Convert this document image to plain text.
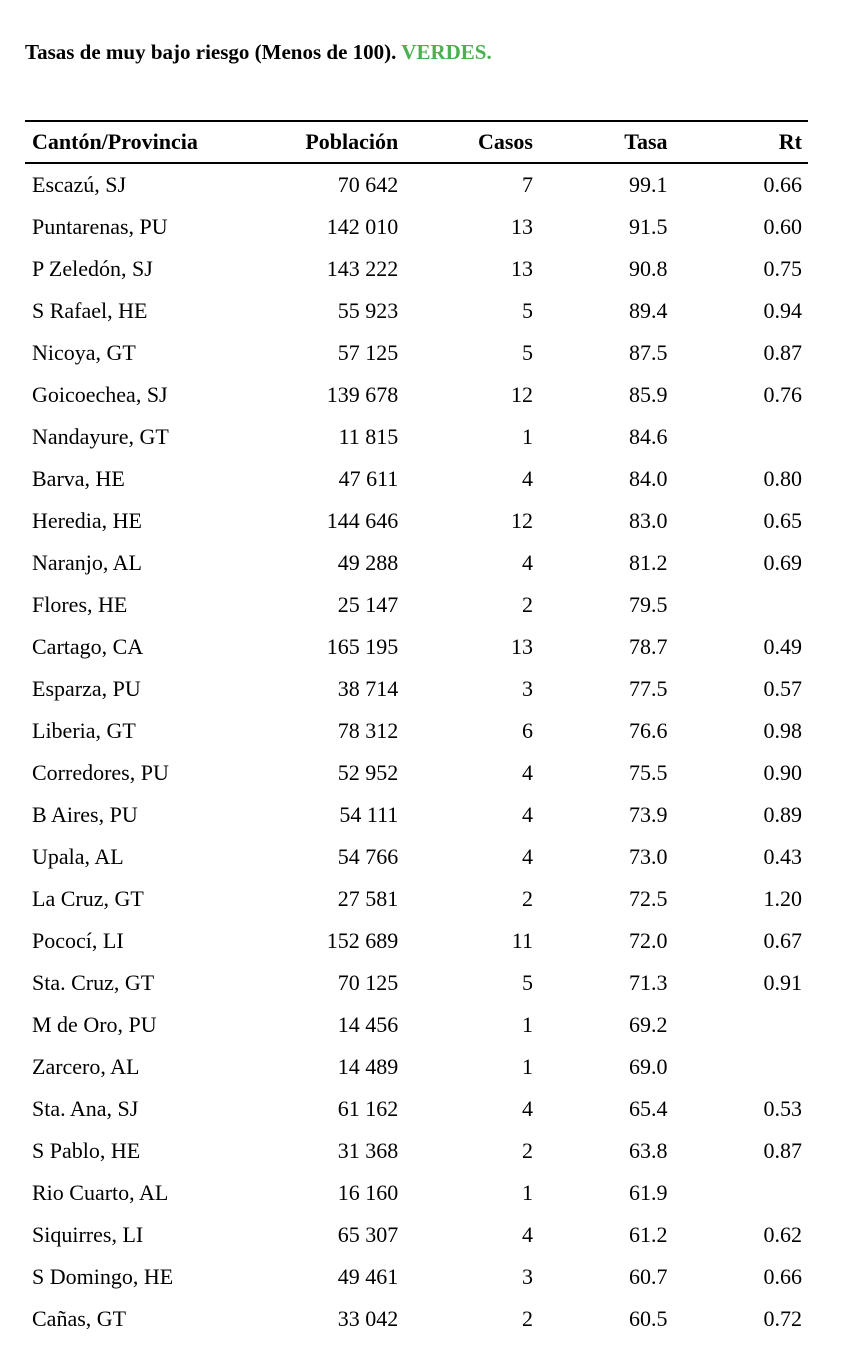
Tasas de muy bajo riesgo (Menos de 100). VERDES.
Cantón/Provincia	Población	Casos	Tasa	Rt
Escazú, SJ	70 642	7	99.1	0.66
Puntarenas, PU	142 010	13	91.5	0.60
P Zeledón, SJ	143 222	13	90.8	0.75
S Rafael, HE	55 923	5	89.4	0.94
Nicoya, GT	57 125	5	87.5	0.87
Goicoechea, SJ	139 678	12	85.9	0.76
Nandayure, GT	11 815	1	84.6	
Barva, HE	47 611	4	84.0	0.80
Heredia, HE	144 646	12	83.0	0.65
Naranjo, AL	49 288	4	81.2	0.69
Flores, HE	25 147	2	79.5	
Cartago, CA	165 195	13	78.7	0.49
Esparza, PU	38 714	3	77.5	0.57
Liberia, GT	78 312	6	76.6	0.98
Corredores, PU	52 952	4	75.5	0.90
B Aires, PU	54 111	4	73.9	0.89
Upala, AL	54 766	4	73.0	0.43
La Cruz, GT	27 581	2	72.5	1.20
Pococí, LI	152 689	11	72.0	0.67
Sta. Cruz, GT	70 125	5	71.3	0.91
M de Oro, PU	14 456	1	69.2	
Zarcero, AL	14 489	1	69.0	
Sta. Ana, SJ	61 162	4	65.4	0.53
S Pablo, HE	31 368	2	63.8	0.87
Rio Cuarto, AL	16 160	1	61.9	
Siquirres, LI	65 307	4	61.2	0.62
S Domingo, HE	49 461	3	60.7	0.66
Cañas, GT	33 042	2	60.5	0.72
